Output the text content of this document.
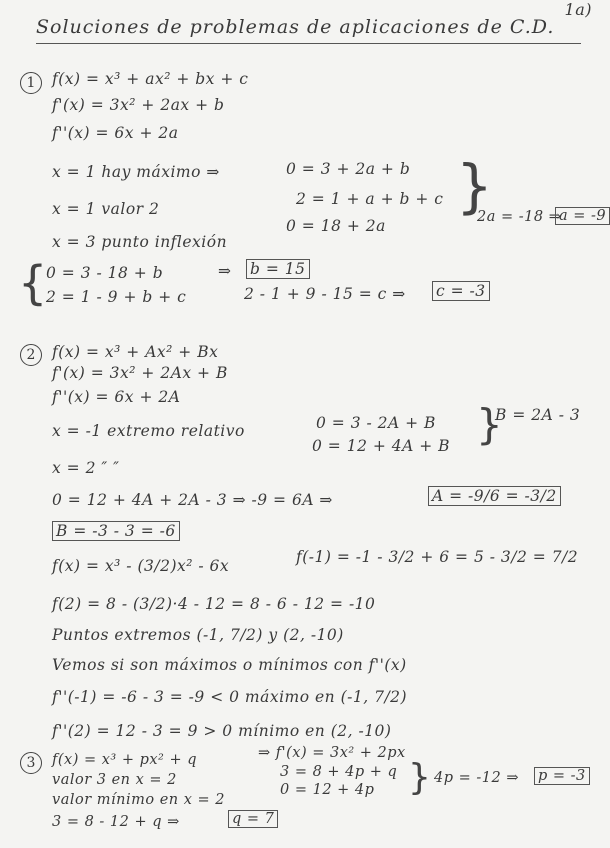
Soluciones de problemas de aplicaciones de C.D.
1a)
1	f(x) = x³ + ax² + bx + c
f'(x) = 3x² + 2ax + b
f''(x) = 6x + 2a
x = 1 hay máximo ⇒	0 = 3 + 2a + b
x = 1 valor 2
2 = 1 + a + b + c
x = 3 punto inflexión
0 = 18 + 2a
}
2a = -18 ⇒
a = -9
{
0 = 3 - 18 + b
2 = 1 - 9 + b + c
⇒ b = 15
2 - 1 + 9 - 15 = c ⇒ c = -3
2	f(x) = x³ + Ax² + Bx
f'(x) = 3x² + 2Ax + B
f''(x) = 6x + 2A
x = -1 extremo relativo	0 = 3 - 2A + B }
B = 2A - 3
x = 2 ″ ″
0 = 12 + 4A + B
0 = 12 + 4A + 2A - 3 ⇒ -9 = 6A ⇒	A = -9/6 = -3/2
B = -3 - 3 = -6
f(x) = x³ - (3/2)x² - 6x	f(-1) = -1 - 3/2 + 6 = 5 - 3/2 = 7/2
f(2) = 8 - (3/2)·4 - 12 = 8 - 6 - 12 = -10
Puntos extremos (-1, 7/2) y (2, -10)
Vemos si son máximos o mínimos con f''(x)
f''(-1) = -6 - 3 = -9 < 0 máximo en (-1, 7/2)
f''(2) = 12 - 3 = 9 > 0 mínimo en (2, -10)
3	f(x) = x³ + px² + q	⇒ f'(x) = 3x² + 2px
valor 3 en x = 2	3 = 8 + 4p + q
valor mínimo en x = 2
0 = 12 + 4p } 4p = -12 ⇒ p = -3
3 = 8 - 12 + q ⇒	q = 7
